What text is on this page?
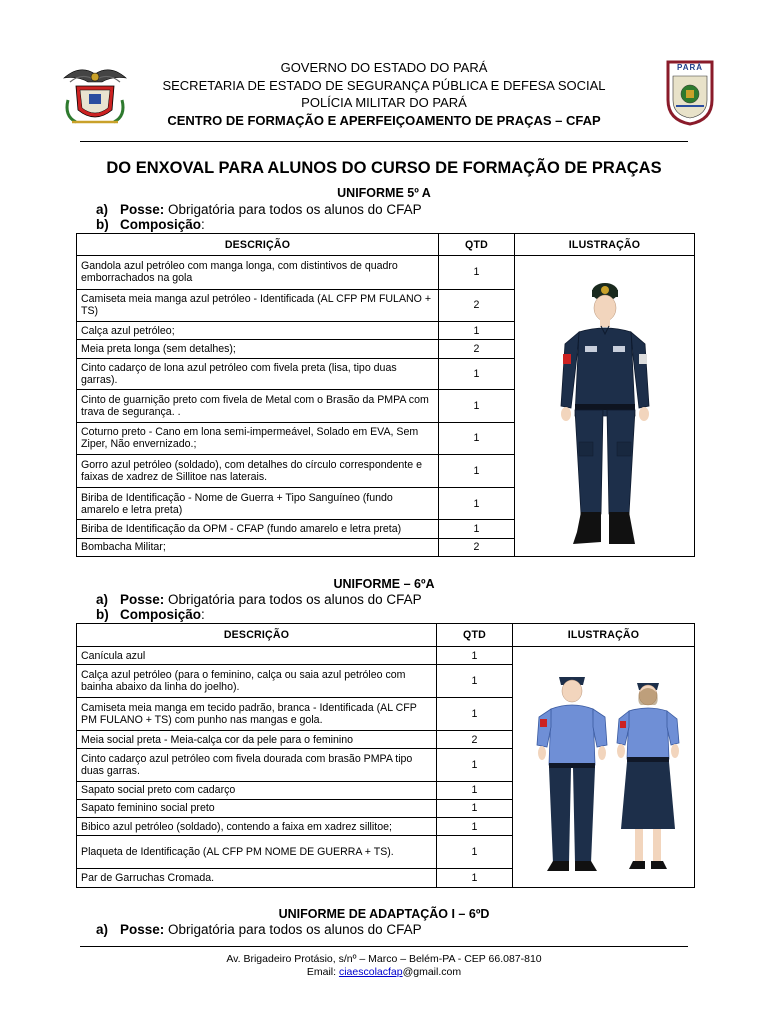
PARÁ
GOVERNO DO ESTADO DO PARÁ
SECRETARIA DE ESTADO DE SEGURANÇA PÚBLICA E DEFESA SOCIAL
POLÍCIA MILITAR DO PARÁ
CENTRO DE FORMAÇÃO E APERFEIÇOAMENTO DE PRAÇAS – CFAP
DO ENXOVAL PARA ALUNOS DO CURSO DE FORMAÇÃO DE PRAÇAS
UNIFORME 5º A
a) Posse: Obrigatória para todos os alunos do CFAP
b) Composição:
DESCRIÇÃO	QTD	ILUSTRAÇÃO
Gandola azul petróleo com manga longa, com distintivos de quadro emborrachados na gola	1	

Camiseta meia manga azul petróleo - Identificada (AL CFP PM FULANO + TS)	2	
Calça azul petróleo;	1	
Meia preta longa (sem detalhes);	2	
Cinto cadarço de lona azul petróleo com fivela preta (lisa, tipo duas garras).	1	
Cinto de guarnição preto com fivela de Metal com o Brasão da PMPA com trava de segurança. .	1	
Coturno preto - Cano em lona semi-impermeável, Solado em EVA, Sem Ziper, Não envernizado.;	1	
Gorro azul petróleo (soldado), com detalhes do círculo correspondente e faixas de xadrez de Sillitoe nas laterais.	1	
Biriba de Identificação - Nome de Guerra + Tipo Sanguíneo (fundo amarelo e letra preta)	1	
Biriba de Identificação da OPM - CFAP (fundo amarelo e letra preta)	1	
Bombacha Militar;	2	
UNIFORME – 6ºA
a) Posse: Obrigatória para todos os alunos do CFAP
b) Composição:
DESCRIÇÃO	QTD	ILUSTRAÇÃO
Canícula azul	1	

Calça azul petróleo (para o feminino, calça ou saia azul petróleo com bainha abaixo da linha do joelho).	1	
Camiseta meia manga em tecido padrão, branca - Identificada (AL CFP PM FULANO + TS) com punho nas mangas e gola.	1	
Meia social preta - Meia-calça cor da pele para o feminino	2	
Cinto cadarço azul petróleo com fivela dourada com brasão PMPA tipo duas garras.	1	
Sapato social preto com cadarço	1	
Sapato feminino social preto	1	
Bibico azul petróleo (soldado), contendo a faixa em xadrez sillitoe;	1	
Plaqueta de Identificação (AL CFP PM NOME DE GUERRA + TS).	1	
Par de Garruchas Cromada.	1	
UNIFORME DE ADAPTAÇÃO I – 6ºD
a) Posse: Obrigatória para todos os alunos do CFAP
Av. Brigadeiro Protásio, s/nº – Marco – Belém-PA - CEP 66.087-810
Email: ciaescolacfap@gmail.com
